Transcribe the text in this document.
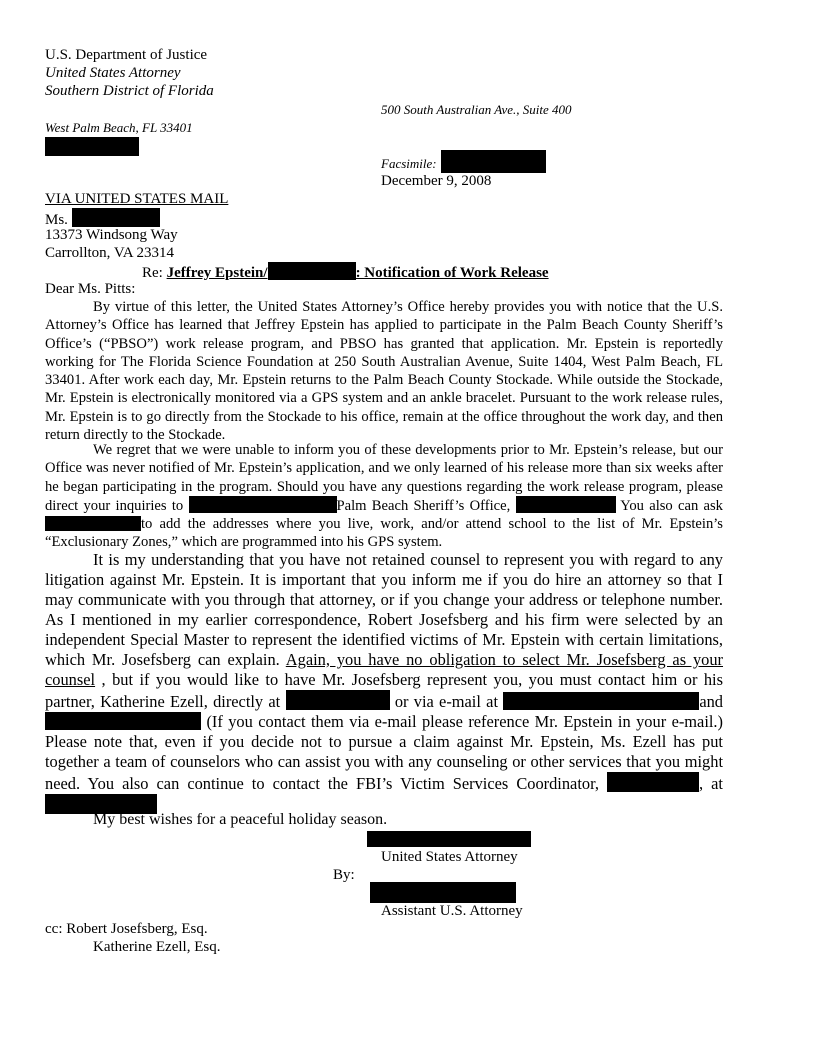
U.S. Department of Justice
United States Attorney
Southern District of Florida
500 South Australian Ave., Suite 400
West Palm Beach, FL 33401
Facsimile:
December 9, 2008
VIA UNITED STATES MAIL
Ms.
13373 Windsong Way
Carrollton, VA 23314
Re: Jeffrey Epstein/	: Notification of Work Release
Dear Ms. Pitts:
By virtue of this letter, the United States Attorney’s Office hereby provides you with notice that the U.S. Attorney’s Office has learned that Jeffrey Epstein has applied to participate in the Palm Beach County Sheriff’s Office’s (“PBSO”) work release program, and PBSO has granted that application. Mr. Epstein is reportedly working for The Florida Science Foundation at 250 South Australian Avenue, Suite 1404, West Palm Beach, FL 33401. After work each day, Mr. Epstein returns to the Palm Beach County Stockade. While outside the Stockade, Mr. Epstein is electronically monitored via a GPS system and an ankle bracelet. Pursuant to the work release rules, Mr. Epstein is to go directly from the Stockade to his office, remain at the office throughout the work day, and then return directly to the Stockade.
We regret that we were unable to inform you of these developments prior to Mr. Epstein’s release, but our Office was never notified of Mr. Epstein’s application, and we only learned of his release more than six weeks after he began participating in the program. Should you have any questions regarding the work release program, please direct your inquiries to	Palm Beach Sheriff’s Office,	You also can ask to add the addresses where you live, work, and/or attend school to the list of Mr. Epstein’s “Exclusionary Zones,” which are programmed into his GPS system.
It is my understanding that you have not retained counsel to represent you with regard to any litigation against Mr. Epstein. It is important that you inform me if you do hire an attorney so that I may communicate with you through that attorney, or if you change your address or telephone number. As I mentioned in my earlier correspondence, Robert Josefsberg and his firm were selected by an independent Special Master to represent the identified victims of Mr. Epstein with certain limitations, which Mr. Josefsberg can explain. Again, you have no obligation to select Mr. Josefsberg as your counsel , but if you would like to have Mr. Josefsberg represent you, you must contact him or his partner, Katherine Ezell, directly at	or via e-mail at	and  (If you contact them via e-mail please reference Mr. Epstein in your e-mail.) Please note that, even if you decide not to pursue a claim against Mr. Epstein, Ms. Ezell has put together a team of counselors who can assist you with any counseling or other services that you might need. You also can continue to contact the FBI’s Victim Services Coordinator,	, at
My best wishes for a peaceful holiday season.
United States Attorney
By:
Assistant U.S. Attorney
cc: Robert Josefsberg, Esq.
Katherine Ezell, Esq.
